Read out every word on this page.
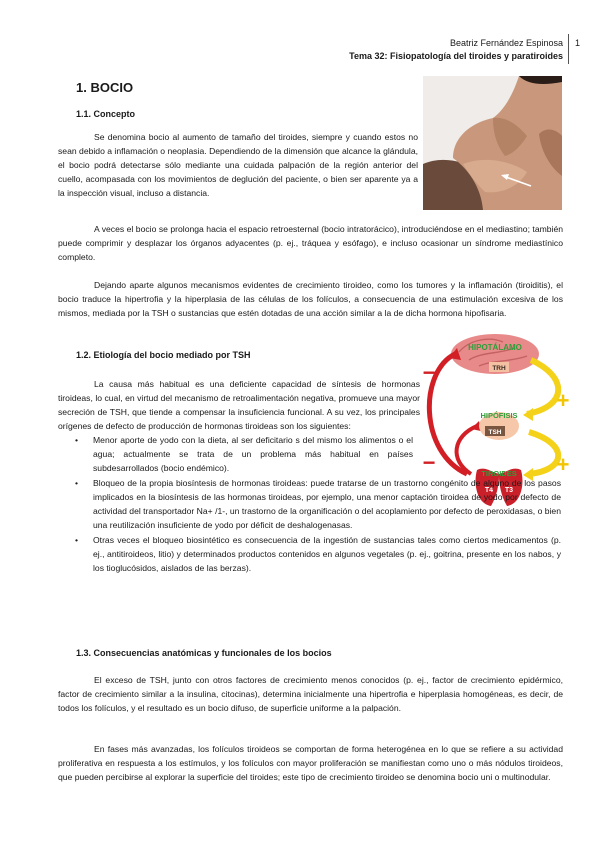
Beatriz Fernández Espinosa
Tema 32: Fisiopatología del tiroides y paratiroides
1
1. BOCIO
1.1. Concepto

Se denomina bocio al aumento de tamaño del tiroides, siempre y cuando estos no sean debido a inflamación o neoplasia. Dependiendo de la dimensión que alcance la glándula, el bocio podrá detectarse sólo mediante una cuidada palpación de la región anterior del cuello, acompasada con los movimientos de deglución del paciente, o bien ser aparente ya a la inspección visual, incluso a distancia.

A veces el bocio se prolonga hacia el espacio retroesternal (bocio intratorácico), introduciéndose en el mediastino; también puede comprimir y desplazar los órganos adyacentes (p. ej., tráquea y esófago), e incluso ocasionar un síndrome mediastínico completo.

Dejando aparte algunos mecanismos evidentes de crecimiento tiroideo, como los tumores y la inflamación (tiroiditis), el bocio traduce la hipertrofia y la hiperplasia de las células de los folículos, a consecuencia de una estimulación excesiva de los mismos, mediada por la TSH o sustancias que estén dotadas de una acción similar a la de dicha hormona hipofisaria.

1.2. Etiología del bocio mediado por TSH

La causa más habitual es una deficiente capacidad de síntesis de hormonas tiroideas, lo cual, en virtud del mecanismo de retroalimentación negativa, promueve una mayor secreción de TSH, que tiende a compensar la insuficiencia funcional. A su vez, los principales orígenes de defecto de producción de hormonas tiroideas son los siguientes:

HIPOTÁLAMO
TRH
+
+
−
−
HIPÓFISIS
TSH
TIROIDES
T4 T3
• Menor aporte de yodo con la dieta, al ser deficitario s del mismo los alimentos o el agua; actualmente se trata de un problema más habitual en países subdesarrollados (bocio endémico).
• Bloqueo de la propia biosíntesis de hormonas tiroideas: puede tratarse de un trastorno congénito de alguno de los pasos implicados en la biosíntesis de las hormonas tiroideas, por ejemplo, una menor captación tiroidea de yodo por defecto de actividad del transportador Na+ /1-, un trastorno de la organificación o del acoplamiento por defecto de peroxidasas, o bien una reutilización insuficiente de yodo por déficit de deshalogenasas.
• Otras veces el bloqueo biosintético es consecuencia de la ingestión de sustancias tales como ciertos medicamentos (p. ej., antitiroideos, litio) y determinados productos contenidos en algunos vegetales (p. ej., goitrina, presente en los nabos, y los tioglucósidos, aislados de las berzas).
1.3. Consecuencias anatómicas y funcionales de los bocios

El exceso de TSH, junto con otros factores de crecimiento menos conocidos (p. ej., factor de crecimiento epidérmico, factor de crecimiento similar a la insulina, citocinas), determina inicialmente una hipertrofia e hiperplasia homogéneas, es decir, de todos los folículos, y el resultado es un bocio difuso, de superficie uniforme a la palpación.

En fases más avanzadas, los folículos tiroideos se comportan de forma heterogénea en lo que se refiere a su actividad proliferativa en respuesta a los estímulos, y los folículos con mayor proliferación se manifiestan como uno o más nódulos tiroideos, que pueden percibirse al explorar la superficie del tiroides; este tipo de crecimiento tiroideo se denomina bocio uni o multinodular.
